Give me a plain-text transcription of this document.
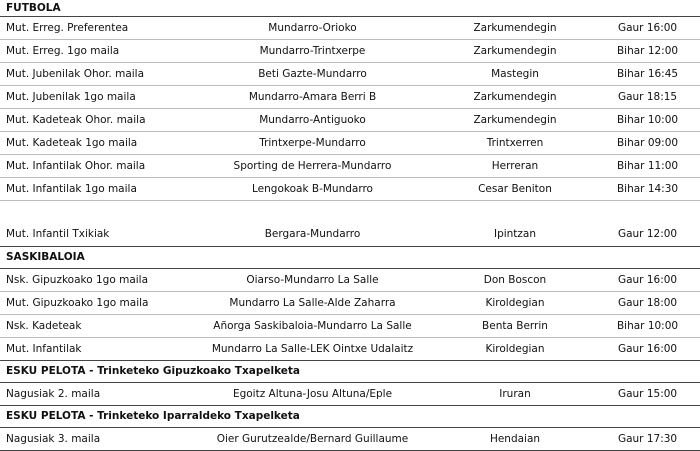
FUTBOLA			
Mut. Erreg. Preferentea	Mundarro-Orioko	Zarkumendegin	Gaur 16:00
Mut. Erreg. 1go maila	Mundarro-Trintxerpe	Zarkumendegin	Bihar 12:00
Mut. Jubenilak Ohor. maila	Beti Gazte-Mundarro	Mastegin	Bihar 16:45
Mut. Jubenilak 1go maila	Mundarro-Amara Berri B	Zarkumendegin	Gaur 18:15
Mut. Kadeteak Ohor. maila	Mundarro-Antiguoko	Zarkumendegin	Bihar 10:00
Mut. Kadeteak 1go maila	Trintxerpe-Mundarro	Trintxerren	Bihar 09:00
Mut. Infantilak Ohor. maila	Sporting de Herrera-Mundarro	Herreran	Bihar 11:00
Mut. Infantilak 1go maila	Lengokoak B-Mundarro	Cesar Beniton	Bihar 14:30
Mut. Infantil Txikiak	Bergara-Mundarro	Ipintzan	Gaur 12:00
SASKIBALOIA			
Nsk. Gipuzkoako 1go maila	Oiarso-Mundarro La Salle	Don Boscon	Gaur 16:00
Mut. Gipuzkoako 1go maila	Mundarro La Salle-Alde Zaharra	Kiroldegian	Gaur 18:00
Nsk. Kadeteak	Añorga Saskibaloia-Mundarro La Salle	Benta Berrin	Bihar 10:00
Mut. Infantilak	Mundarro La Salle-LEK Ointxe Udalaitz	Kiroldegian	Gaur 16:00
ESKU PELOTA - Trinketeko Gipuzkoako Txapelketa			
Nagusiak 2. maila	Egoitz Altuna-Josu Altuna/Eple	Iruran	Gaur 15:00
ESKU PELOTA - Trinketeko Iparraldeko Txapelketa			
Nagusiak 3. maila	Oier Gurutzealde/Bernard Guillaume	Hendaian	Gaur 17:30
